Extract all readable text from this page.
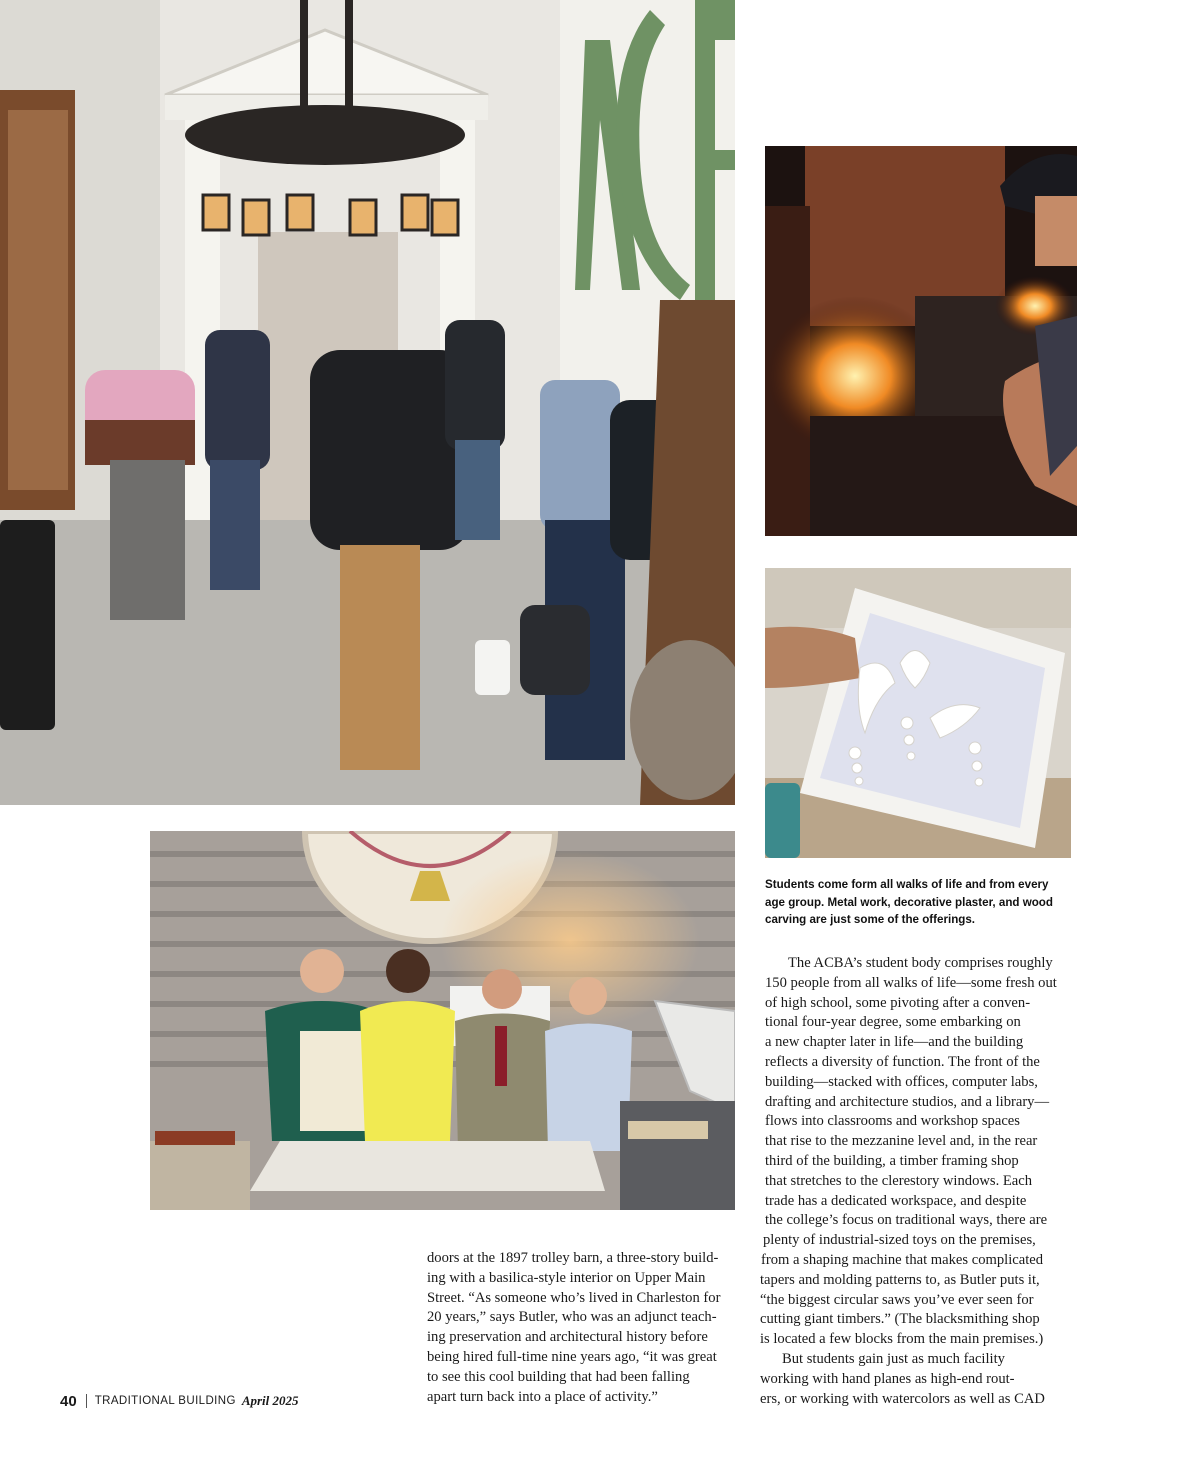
Students come form all walks of life and from every age group. Metal work, decorative plaster, and wood carving are just some of the offerings.
doors at the 1897 trolley barn, a three-story build-
ing with a basilica-style interior on Upper Main
Street. “As someone who’s lived in Charleston for
20 years,” says Butler, who was an adjunct teach-
ing preservation and architectural history before
being hired full-time nine years ago, “it was great
to see this cool building that had been falling
apart turn back into a place of activity.”
The ACBA’s student body comprises roughly
150 people from all walks of life—some fresh out
of high school, some pivoting after a conven-
tional four-year degree, some embarking on
a new chapter later in life—and the building
reflects a diversity of function. The front of the
building—stacked with offices, computer labs,
drafting and architecture studios, and a library—
flows into classrooms and workshop spaces
that rise to the mezzanine level and, in the rear
third of the building, a timber framing shop
that stretches to the clerestory windows. Each
trade has a dedicated workspace, and despite
the college’s focus on traditional ways, there are
plenty of industrial-sized toys on the premises,
from a shaping machine that makes complicated
tapers and molding patterns to, as Butler puts it,
“the biggest circular saws you’ve ever seen for
cutting giant timbers.” (The blacksmithing shop
is located a few blocks from the main premises.)
But students gain just as much facility
working with hand planes as high-end rout-
ers, or working with watercolors as well as CAD
40 TRADITIONAL BUILDING April 2025
